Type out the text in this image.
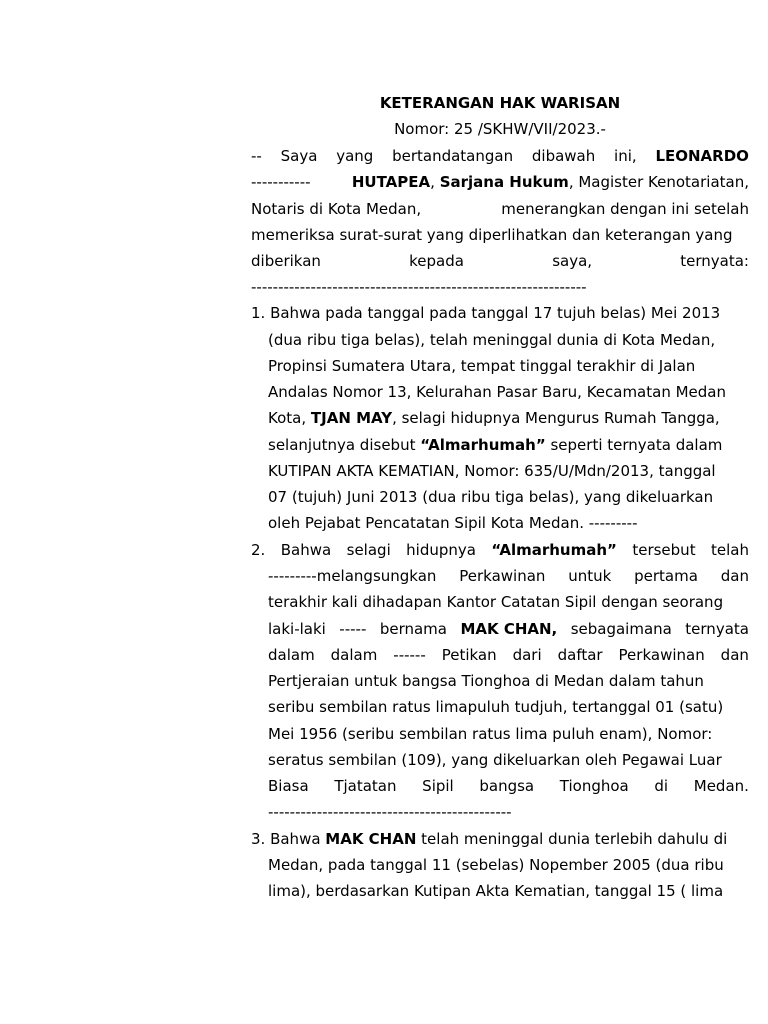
KETERANGAN HAK WARISAN
Nomor: 25 /SKHW/VII/2023.-
-- Saya yang bertandatangan dibawah ini, LEONARDO
-----------	HUTAPEA, Sarjana Hukum, Magister Kenotariatan,
Notaris di Kota Medan,	menerangkan dengan ini setelah
memeriksa surat-surat yang diperlihatkan dan keterangan yang
diberikan	kepada	saya,	ternyata:
--------------------------------------------------------------
1. Bahwa pada tanggal pada tanggal 17 tujuh belas) Mei 2013
(dua ribu tiga belas), telah meninggal dunia di Kota Medan,
Propinsi Sumatera Utara, tempat tinggal terakhir di Jalan
Andalas Nomor 13, Kelurahan Pasar Baru, Kecamatan Medan
Kota, TJAN MAY, selagi hidupnya Mengurus Rumah Tangga,
selanjutnya disebut “Almarhumah” seperti ternyata dalam
KUTIPAN AKTA KEMATIAN, Nomor: 635/U/Mdn/2013, tanggal
07 (tujuh) Juni 2013 (dua ribu tiga belas), yang dikeluarkan
oleh Pejabat Pencatatan Sipil Kota Medan. ---------
2. Bahwa selagi hidupnya “Almarhumah” tersebut telah
---------melangsungkan Perkawinan untuk pertama dan
terakhir kali dihadapan Kantor Catatan Sipil dengan seorang
laki-laki ----- bernama MAK CHAN, sebagaimana ternyata
dalam dalam ------ Petikan dari daftar Perkawinan dan
Pertjeraian untuk bangsa Tionghoa di Medan dalam tahun
seribu sembilan ratus limapuluh tudjuh, tertanggal 01 (satu)
Mei 1956 (seribu sembilan ratus lima puluh enam), Nomor:
seratus sembilan (109), yang dikeluarkan oleh Pegawai Luar
Biasa Tjatatan Sipil bangsa Tionghoa di Medan.
---------------------------------------------
3. Bahwa MAK CHAN telah meninggal dunia terlebih dahulu di
Medan, pada tanggal 11 (sebelas) Nopember 2005 (dua ribu
lima), berdasarkan Kutipan Akta Kematian, tanggal 15 ( lima
